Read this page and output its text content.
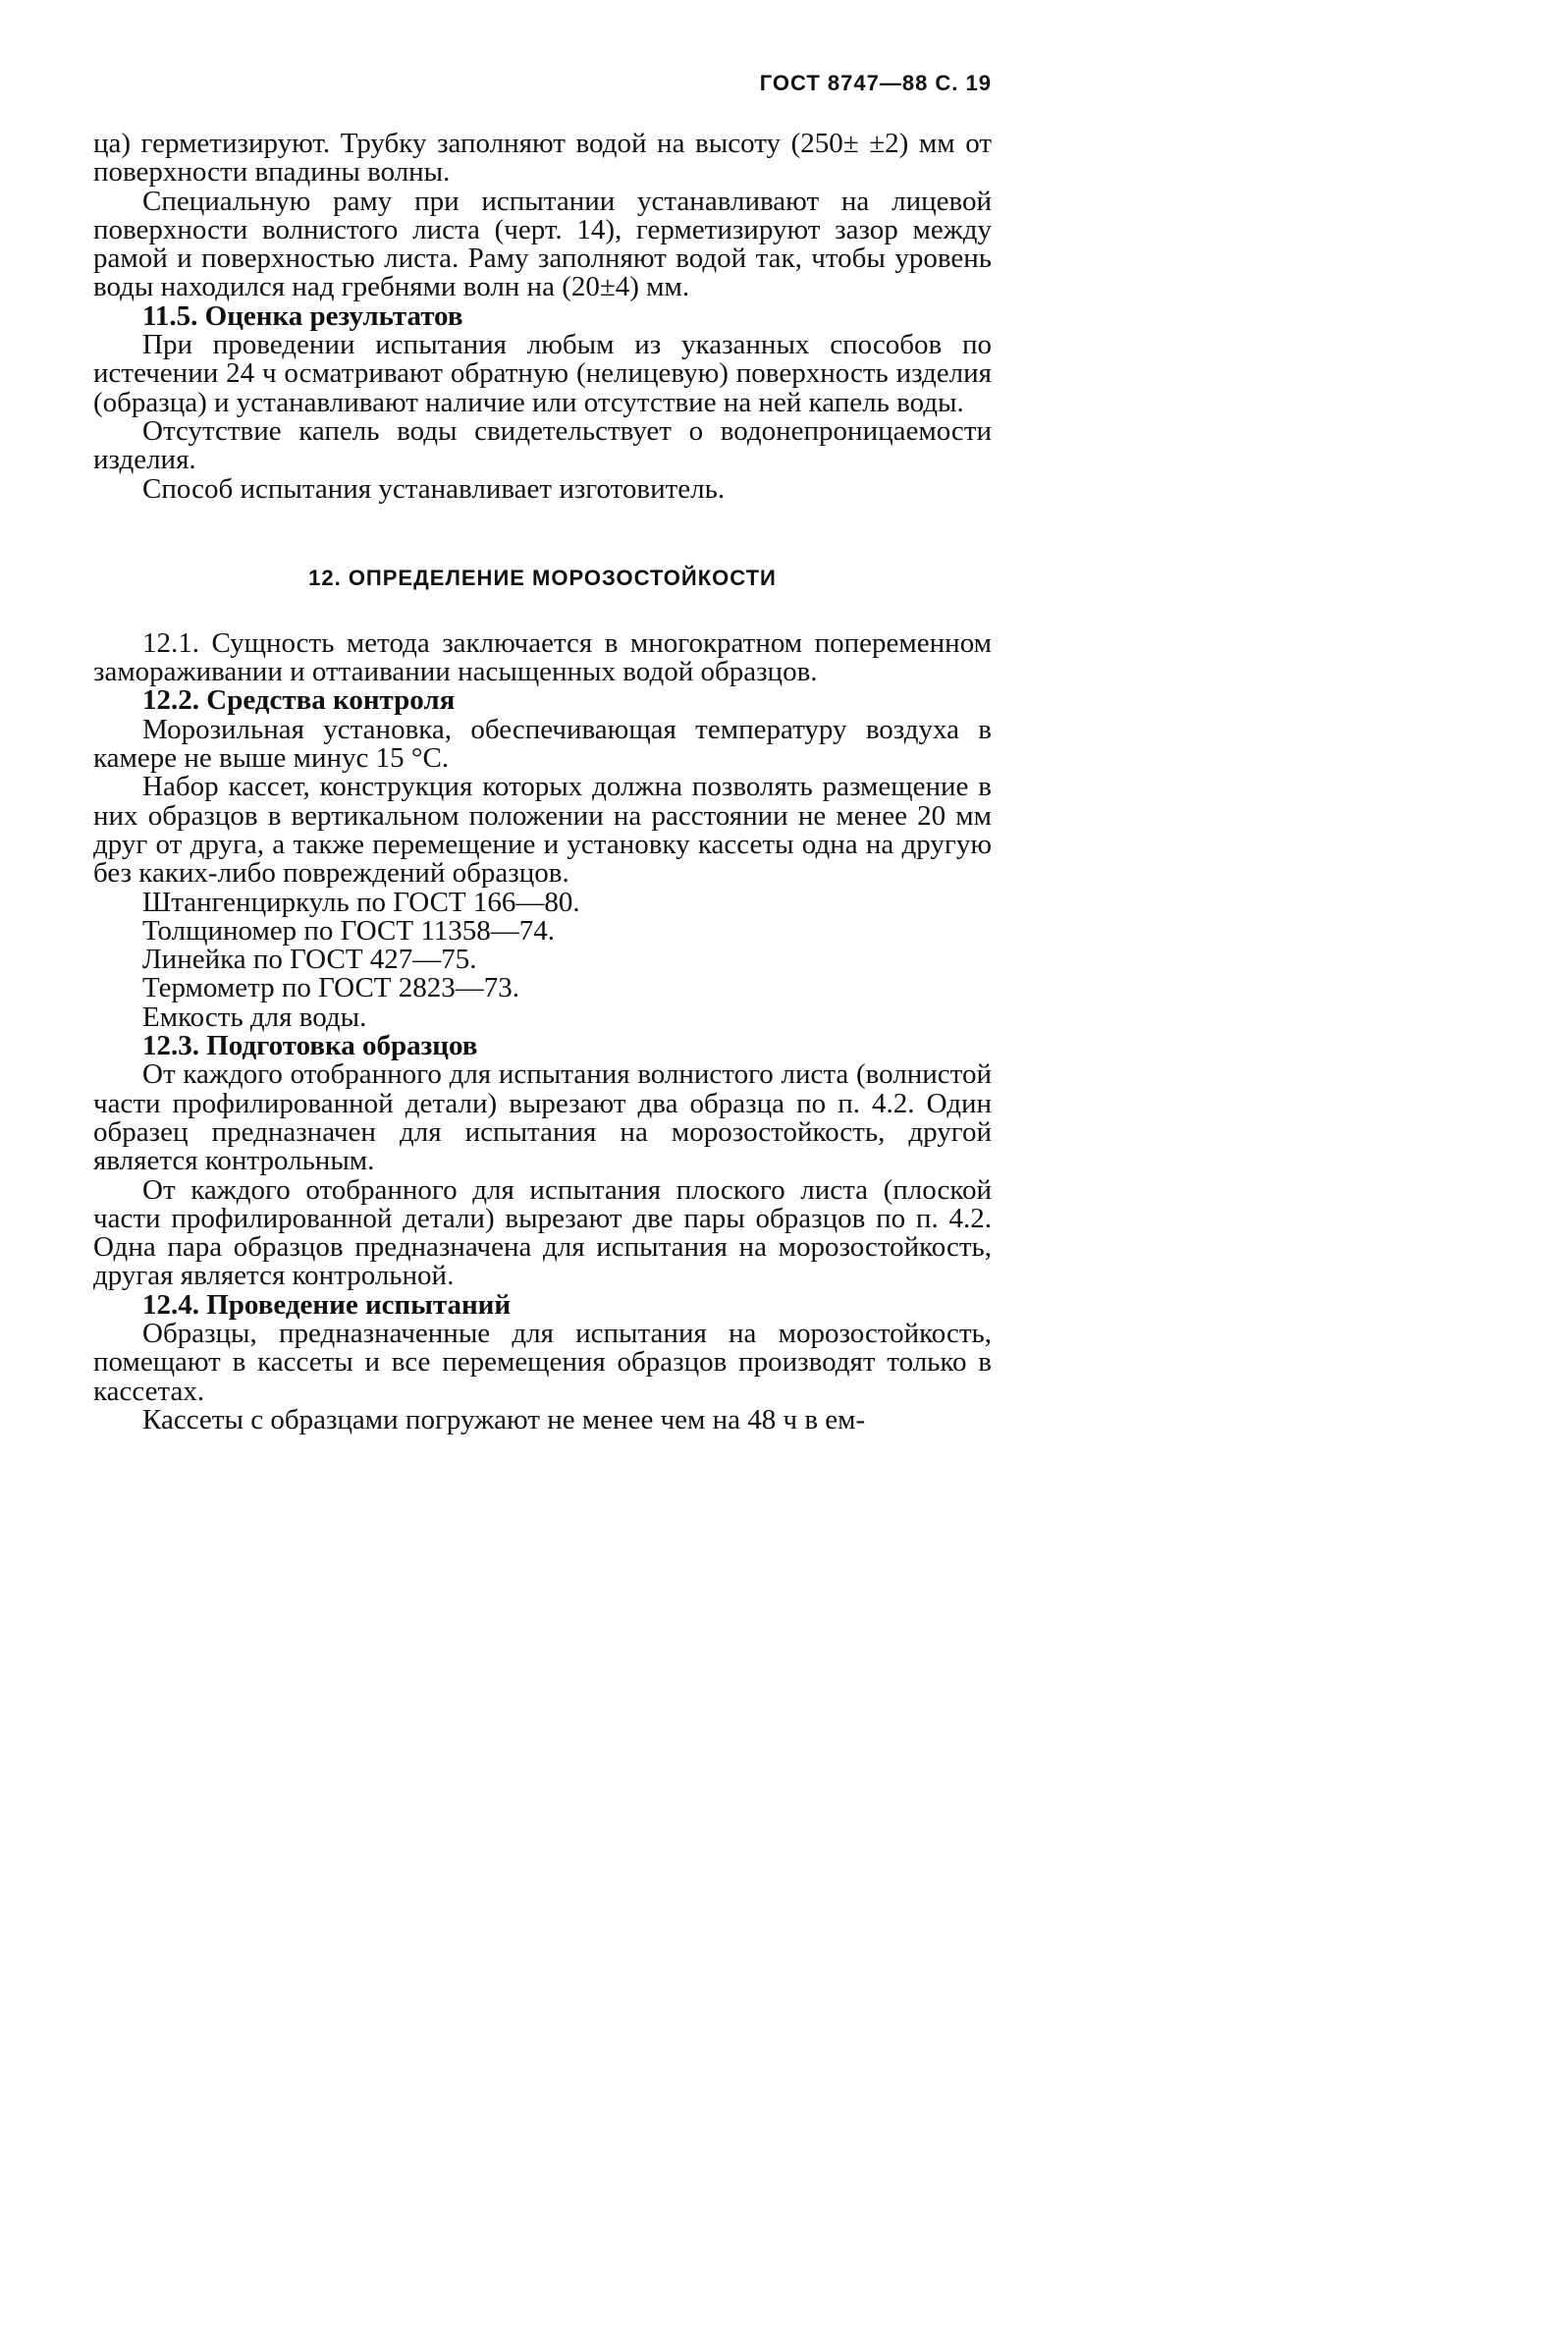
ГОСТ 8747—88 С. 19

ца) герметизируют. Трубку заполняют водой на высоту (250± ±2) мм от поверхности впадины волны.

Специальную раму при испытании устанавливают на лицевой поверхности волнистого листа (черт. 14), герметизируют зазор между рамой и поверхностью листа. Раму заполняют водой так, чтобы уровень воды находился над гребнями волн на (20±4) мм.

11.5. Оценка результатов

При проведении испытания любым из указанных способов по истечении 24 ч осматривают обратную (нелицевую) поверхность изделия (образца) и устанавливают наличие или отсутствие на ней капель воды.

Отсутствие капель воды свидетельствует о водонепроницаемости изделия.

Способ испытания устанавливает изготовитель.

12. ОПРЕДЕЛЕНИЕ МОРОЗОСТОЙКОСТИ

12.1. Сущность метода заключается в многократном попеременном замораживании и оттаивании насыщенных водой образцов.

12.2. Средства контроля

Морозильная установка, обеспечивающая температуру воздуха в камере не выше минус 15 °C.

Набор кассет, конструкция которых должна позволять размещение в них образцов в вертикальном положении на расстоянии не менее 20 мм друг от друга, а также перемещение и установку кассеты одна на другую без каких-либо повреждений образцов.

Штангенциркуль по ГОСТ 166—80.

Толщиномер по ГОСТ 11358—74.

Линейка по ГОСТ 427—75.

Термометр по ГОСТ 2823—73.

Емкость для воды.

12.3. Подготовка образцов

От каждого отобранного для испытания волнистого листа (волнистой части профилированной детали) вырезают два образца по п. 4.2. Один образец предназначен для испытания на морозостойкость, другой является контрольным.

От каждого отобранного для испытания плоского листа (плоской части профилированной детали) вырезают две пары образцов по п. 4.2. Одна пара образцов предназначена для испытания на морозостойкость, другая является контрольной.

12.4. Проведение испытаний

Образцы, предназначенные для испытания на морозостойкость, помещают в кассеты и все перемещения образцов производят только в кассетах.

Кассеты с образцами погружают не менее чем на 48 ч в ем-
